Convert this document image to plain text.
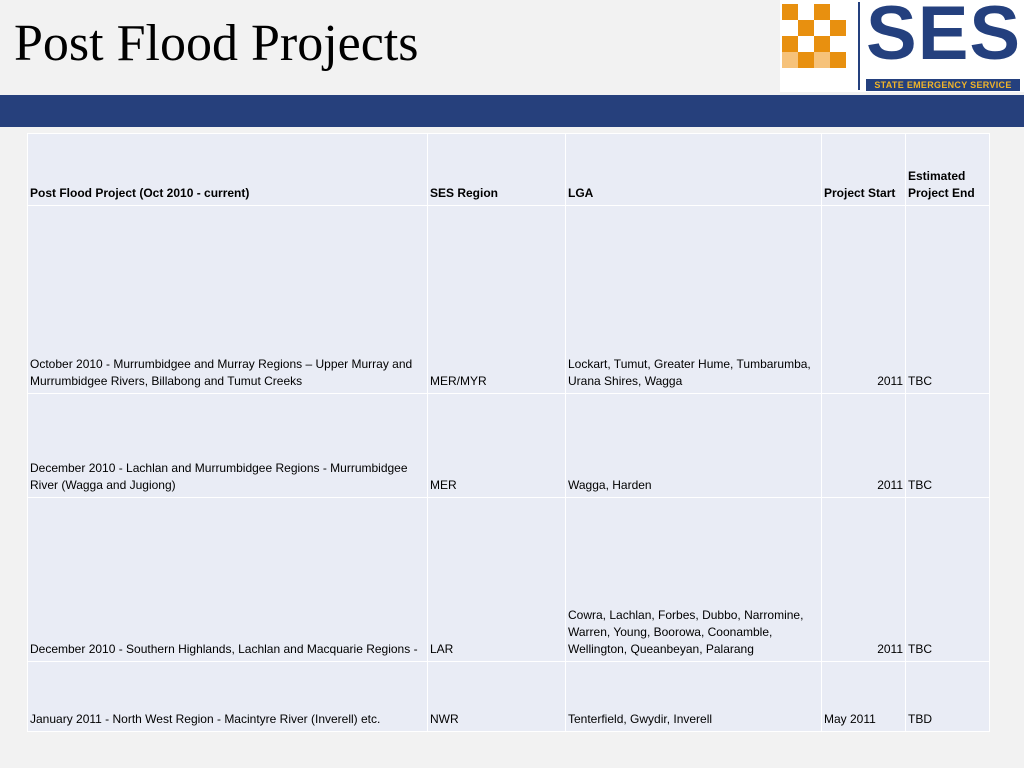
Post Flood Projects	SES
STATE EMERGENCY SERVICE
Post Flood Project (Oct 2010 - current)	SES Region	LGA	Project Start	Estimated Project End
October 2010 - Murrumbidgee and Murray Regions – Upper Murray and Murrumbidgee Rivers, Billabong and Tumut Creeks	MER/MYR	Lockart, Tumut, Greater Hume, Tumbarumba, Urana Shires, Wagga	2011	TBC
December 2010 - Lachlan and Murrumbidgee Regions - Murrumbidgee River (Wagga and Jugiong)	MER	Wagga, Harden	2011	TBC
December 2010 - Southern Highlands, Lachlan and Macquarie Regions -	LAR	Cowra, Lachlan, Forbes, Dubbo, Narromine, Warren, Young, Boorowa, Coonamble, Wellington, Queanbeyan, Palarang	2011	TBC
January 2011 - North West Region - Macintyre River (Inverell) etc.	NWR	Tenterfield, Gwydir, Inverell	May 2011	TBD
